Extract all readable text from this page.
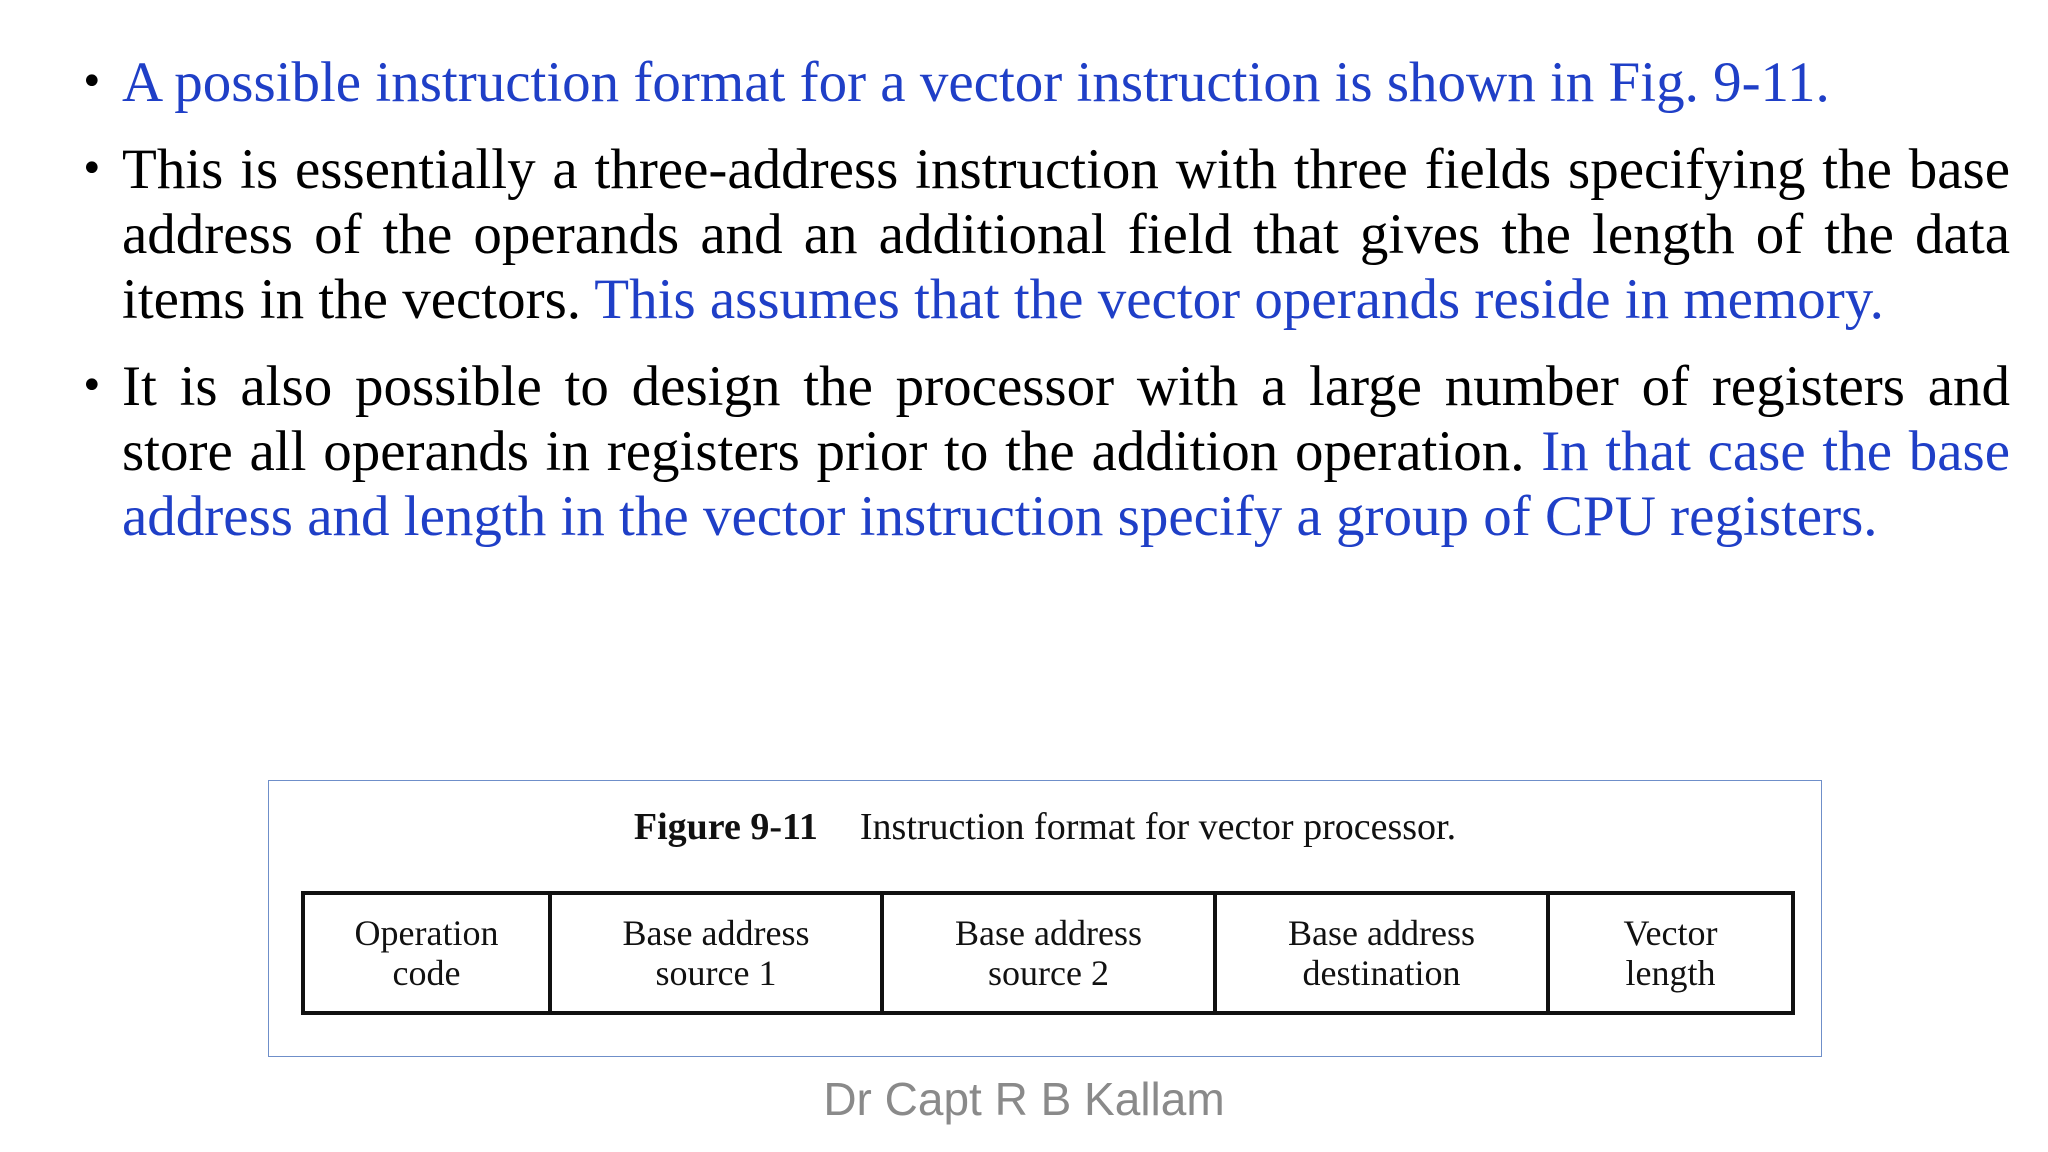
• A possible instruction format for a vector instruction is shown in Fig. 9-11.
• This is essentially a three-address instruction with three fields specifying the base address of the operands and an additional field that gives the length of the data items in the vectors. This assumes that the vector operands reside in memory.
• It is also possible to design the processor with a large number of registers and store all operands in registers prior to the addition operation. In that case the base address and length in the vector instruction specify a group of CPU registers.
Figure 9-11 Instruction format for vector processor.
Operation
code
Base address
source 1
Base address
source 2
Base address
destination
Vector
length
Dr Capt R B Kallam
